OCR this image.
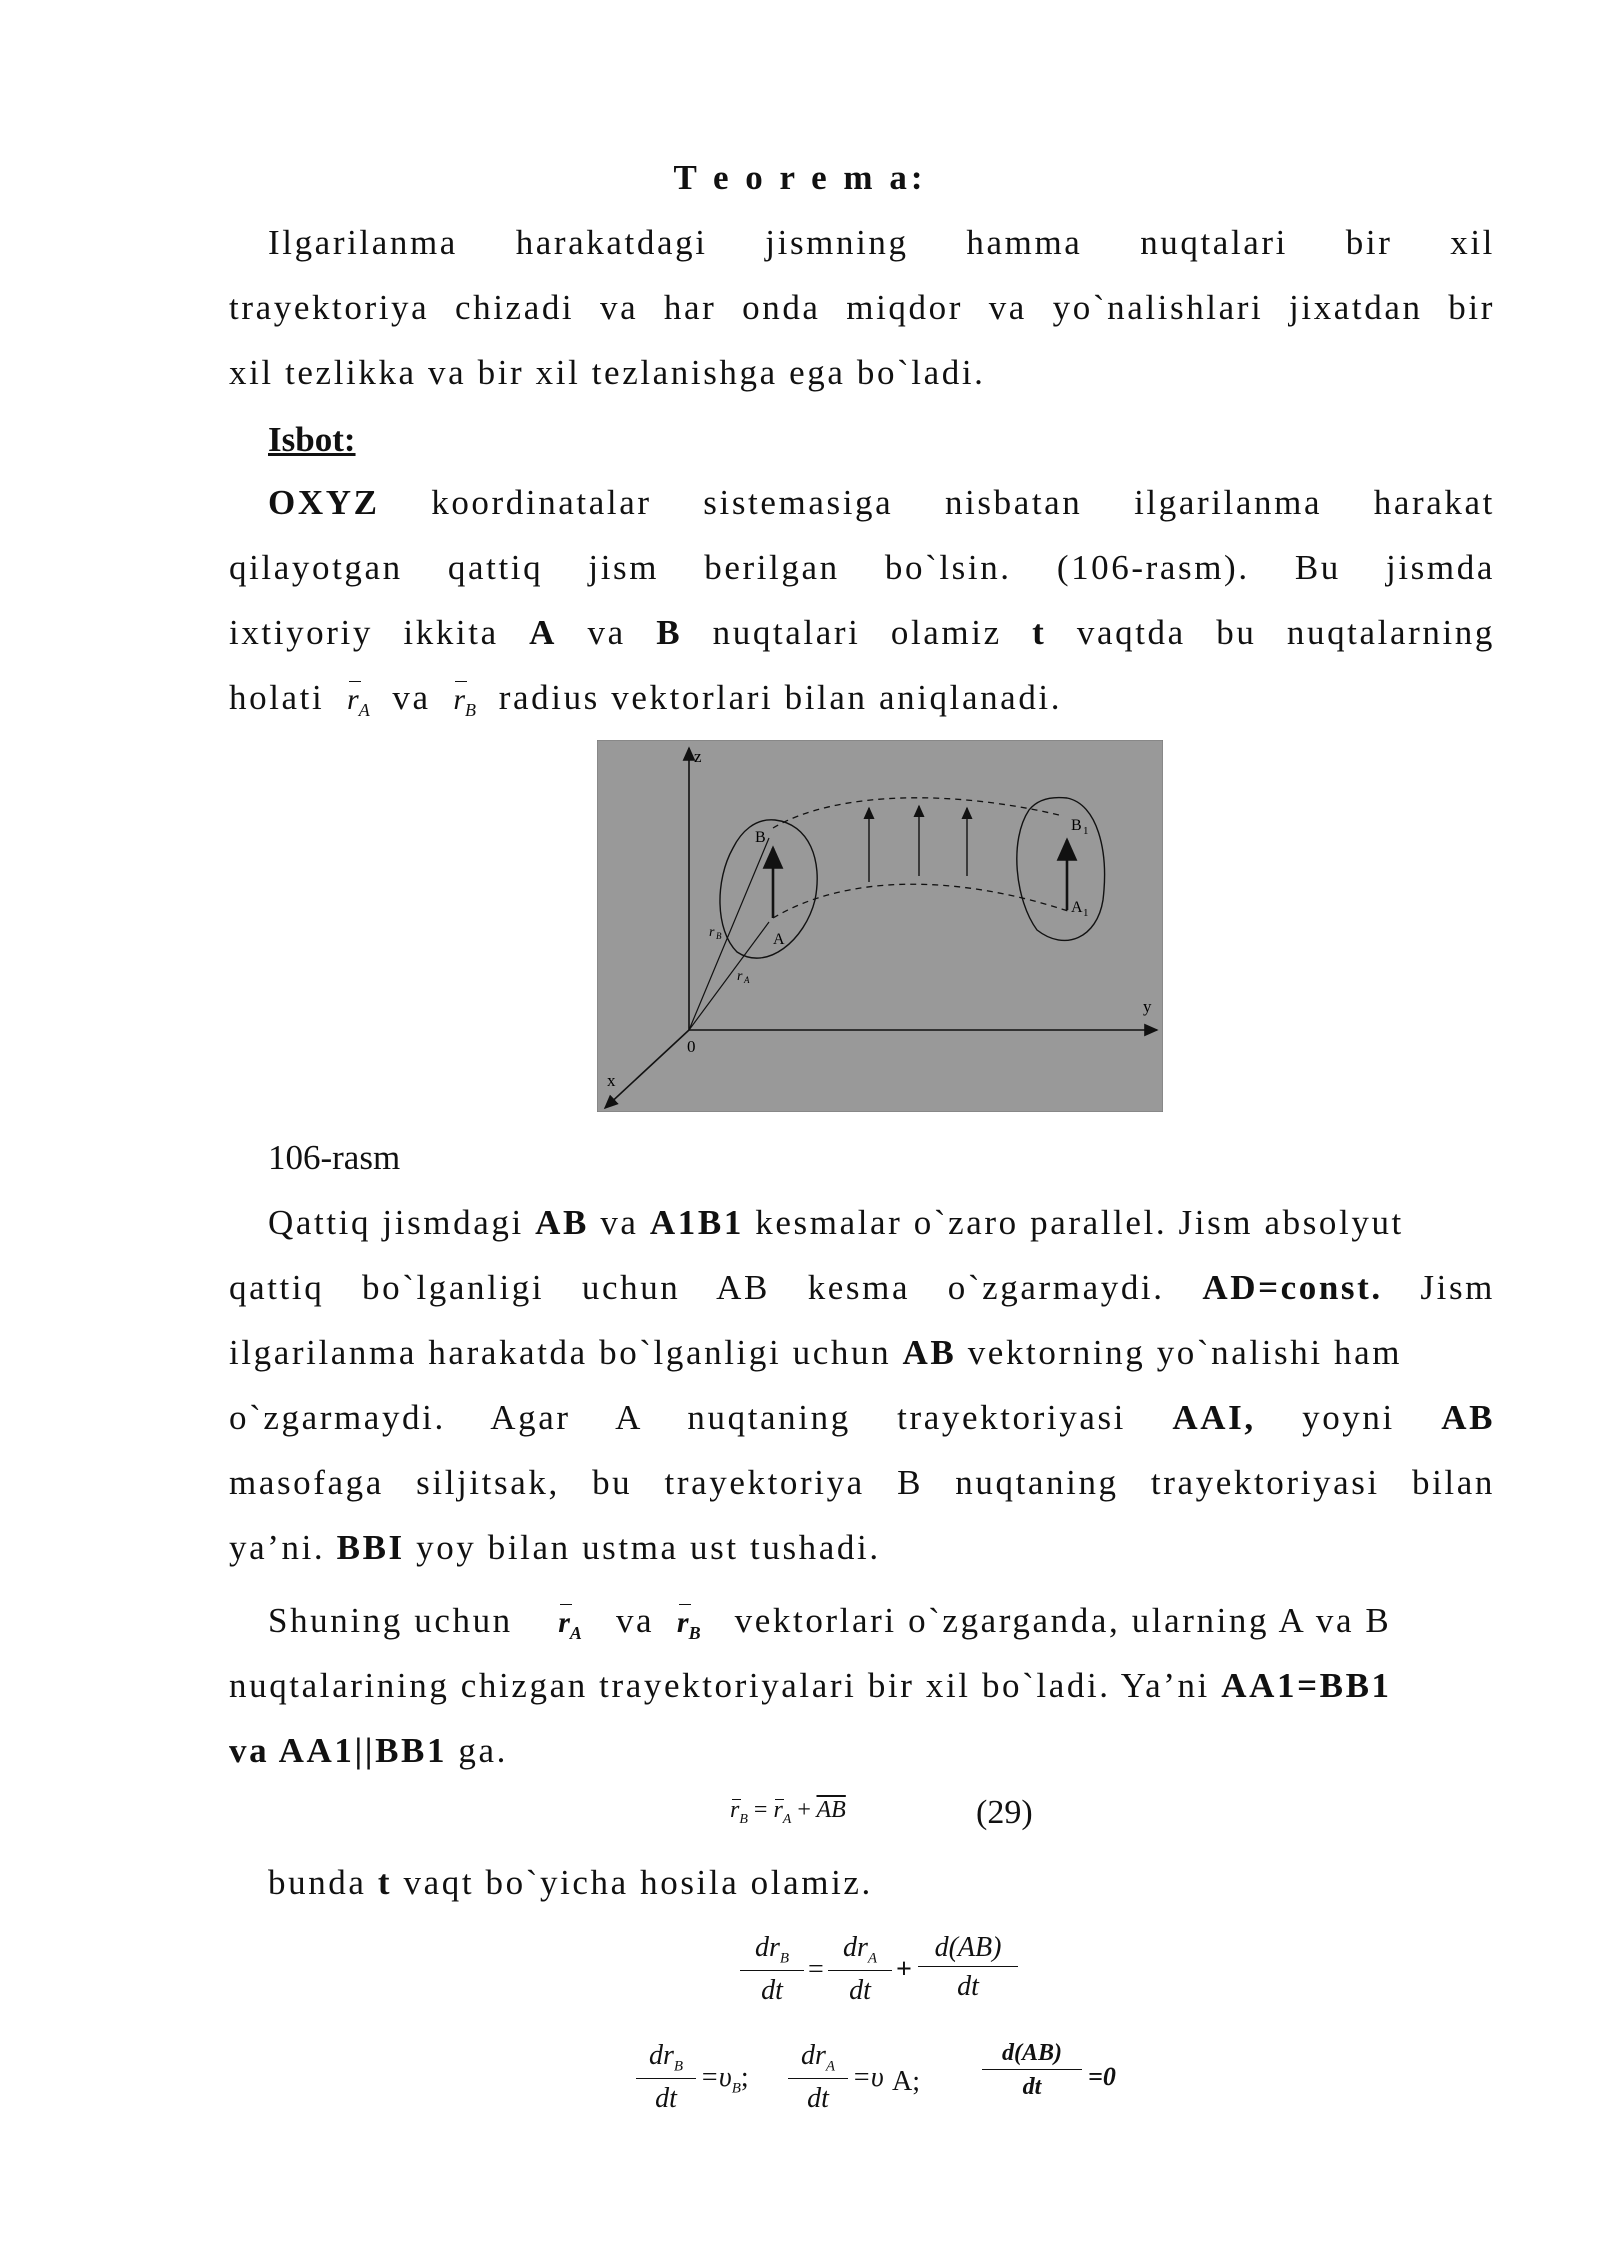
T e o r e m a:
Ilgarilanma harakatdagi jismning hamma nuqtalari bir xil
trayektoriya chizadi va har onda miqdor va yo`nalishlari jixatdan bir
xil tezlikka va bir xil tezlanishga ega bo`ladi.
Isbot:
OXYZ koordinatalar sistemasiga nisbatan ilgarilanma harakat
qilayotgan qattiq jism berilgan bo`lsin. (106-rasm). Bu jismda
ixtiyoriy ikkita A va B nuqtalari olamiz t vaqtda bu nuqtalarning
holati $r_A$ va $r_B$ radius vektorlari bilan aniqlanadi.
z
y
x
0
B
A
B 1
A 1
r B
r A
106-rasm
Qattiq jismdagi AB va A1B1 kesmalar o`zaro parallel. Jism absolyut
qattiq bo`lganligi uchun AB kesma o`zgarmaydi. AD=const. Jism
ilgarilanma harakatda bo`lganligi uchun AB vektorning yo`nalishi ham
o`zgarmaydi. Agar A nuqtaning trayektoriyasi AAI, yoyni AB
masofaga siljitsak, bu trayektoriya B nuqtaning trayektoriyasi bilan
ya’ni. BBI yoy bilan ustma ust tushadi.
Shuning uchun $r_A$ va $r_B$ vektorlari o`zgarganda, ularning A va B
nuqtalarining chizgan trayektoriyalari bir xil bo`ladi. Ya’ni AA1=BB1
va AA1||BB1 ga.
$r_B = r_A + \overline{AB}$	(29)
bunda t vaqt bo`yicha hosila olamiz.
$dr_B$
dt
=
$dr_A$
dt
+ $\frac{d(AB)}{dt}$
$dr_B$
dt
$=\upsilon_B$;
$dr_A$
dt
=υ A;	$\frac{d(AB)}{dt} =0$
